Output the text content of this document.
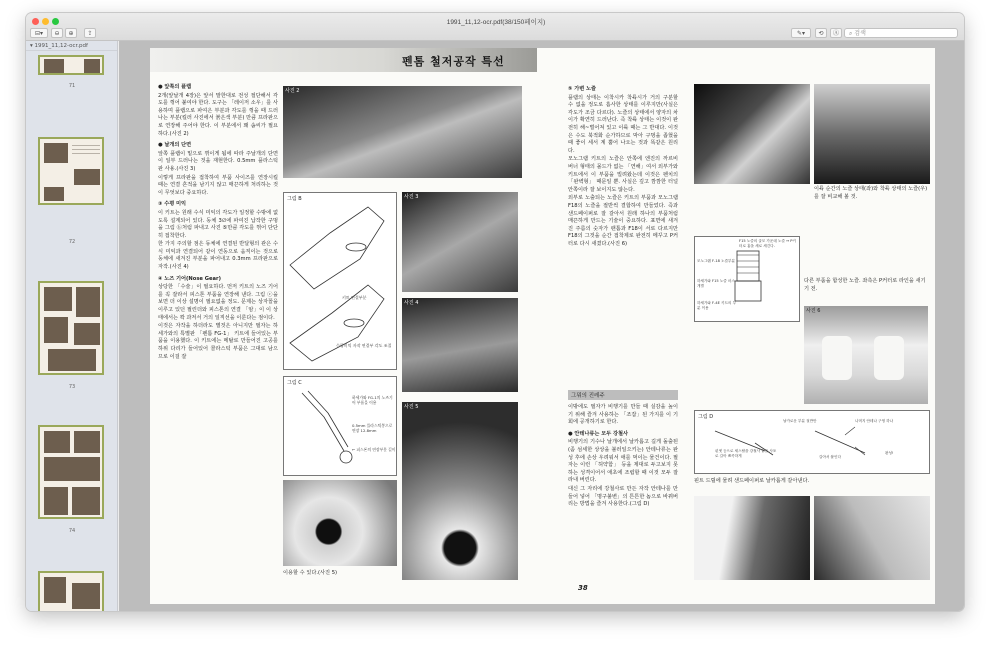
1991_11,12-ocr.pdf(38/150페이지)
⊟▾	⊖	⊕	⇪	✎▾	⟲	Ⓐ	⌕ 검색
▾ 1991_11,12-ocr.pdf
71
72
73
74
펜톰 철저공작 특선

● 앞쪽의 플랩

2개(앞날개 4장)은 앞서 말한대로 전성 절단해서 각도를 꺾어 붙여야 한다. 도구는 「레이저 소우」를 사용하며 플랩으로 파여은 부분과 각도를 꺾을 때 드러나는 부분(킬러 사진에서 붉은색 부분) 만큼 프라판으로 연장해 주어야 한다. 이 부분에서 꽤 솜씨가 필요하다.(사진 2)

● 날개의 단면

앞쪽 플랩이 밑으로 꺾이게 됨에 따라 주날개의 단면이 일부 드러나는 것을 재현한다. 0.5mm 플라스틱 판 사용.(사진 3)

이렇게 프라판을 접착하여 부품 사이즈를 연장시킬 때는 연결 흔적을 남기지 않고 매끈하게 처리하는 것이 무엇보다 중요하다.

③ 수평 미익

이 키트는 원래 수식 미익의 각도가 일정할 수밖에 없도록 설계되어 있다. 동체 3∅에 파여진 납작한 구멍을 그림 ⓑ처럼 파내고 사진 ⑤만큼 각도를 꺾어 단단히 접착한다.

한 가지 주의할 점은 동체에 연결된 반달형의 관은 수식 미익과 연결되어 같이 연동으로 움직이는 것으로 동체에 새겨진 부분을 파어내고 0.3mm 프라판으로 자작.(사진 4)

④ 노즈 기어(Nose Gear)

상당한 「수술」이 필요하다. 먼저 키트의 노즈 기어를 꼭 잘라서 피스톤 부품을 연장해 낸다. 그림 ⓒ을 보면 더 이상 설명이 필요없을 정도. 문제는 상자꼴을 이루고 있던 필린더와 피스톤의 연결 「암」이 이 상태에서는 꽉 과저서 거의 일직선을 이룬다는 점이다.

이것은 자작을 하더라도 별것은 아니지만 필자는 하세가와의 특별판 「펜톰 FG-1」 키트에 들어있는 부품을 이용했다. 이 키트에는 메탈로 만들어진 고공를 하위 다리가 들어있어 콜라스틱 부품은 그대로 남으므로 이걸 잘

사진 2
그림 B
키트 연결부분
수평미익 자작 연결부 각도 조절
사진 3
사진 4
그림 C
하세가와 FG-1의 노즈기어 부품을 이용
0.5mm 플라스틱봉으로 연장 12.8mm
← 피스톤의 연장부분 길이
사진 5
이용할 수 있다.(사진 5)

⑤ 가변 노즐

플램의 상태는 이착시카 착륙시가 거의 구분할 수 없을 정도로 흡사한 상태를 이루지만(사실은 각도가 조금 다르다). 노즐의 상태에서 양자의 차이가 확연히 드러난다. 즉 착륙 상태는 이것이 완전히 해~벌어져 있고 이륙 때는 그 반대다. 이것은 수도 북적화 순가하므로 막아 구멍을 좁혔을 때 좋이 세서 계 뿜어 나오는 것과 똑같은 원리다.

모노그램 키트의 노즐은 안쪽에 엔진의 까르비 버너 형태의 몰드가 없는 「연해」여서 외부가와 키트에서 이 부품을 빌려왔는데 이것은 펜치의 「완벽형」 때문일 뿐. 사실은 깊고 깜깜한 터널 안쪽이라 잘 보이지도 않는다.

외부로 노출되는 노즐은 키트의 부품과 모노그램 F18의 노즐을 절반씩 결합하여 만들었다. 즉과 샌드페이퍼로 잘 갈아서 원래 하나의 부품처럼 매끈하게 만드는 기술이 중요하다. 표면에 새겨진 주름의 숫자가 팬톰과 F18이 서로 다르지만 F18의 그것을 순간 접착제로 완전히 메꾸고 P커터로 다시 새겼다.(사진 6)

그뭐의 진레주

이밖에도 필자가 비행기를 만들 때 실감을 높이기 위해 즐겨 사용하는 「조잡」된 가지를 이 기회에 공개하기로 한다.

● 안테나류는 모두 강철사

비행기의 기수나 날개에서 날카롭고 길게 돌출된 (좀 섬세한 상상을 불러일으키는) 안테나류는 완성 후에 손상 우려워서 애를 먹이는 물건이다. 필자는 이런 「허약함」 등을 제대로 두고보지 못하는 성격이어서 애초에 조립할 때 이것 모두 잘라내 버린다.

대신 그 자리에 강철사로 만든 자작 안테나를 만들어 넣어 「명구불변」의 튼튼한 놈으로 바꿔버리는 방법을 즐겨 사용한다.(그림 D)

38
이륙 순간의 노즐 상태(좌)와 착륙 상태의 노즐(우)를 잘 비교해 볼 것.
F15 노즐의 골모 가운데 노즐 ↔ P커터로 홈을 새로 새긴다.
모노그램 F-18 노즐부분
하세가와 F15 노즐 마스 개별
하세가와 F-4E 키트의 부분 이용
다른 부품을 합성한 노즐. 좌측은 P커터로 라인을 새기기 전.
사진 6
그림 D
핀셋 등으로 세스탈을 강철사 끝을 사포로 갈아 뾰족하게
날카로운 부분 절반만	나머지 안테나 구멍 하나
갈아서 붙인다
완성!
핀트 드릴에 물려 샌드페이퍼로 날카롭게 갈아낸다.
